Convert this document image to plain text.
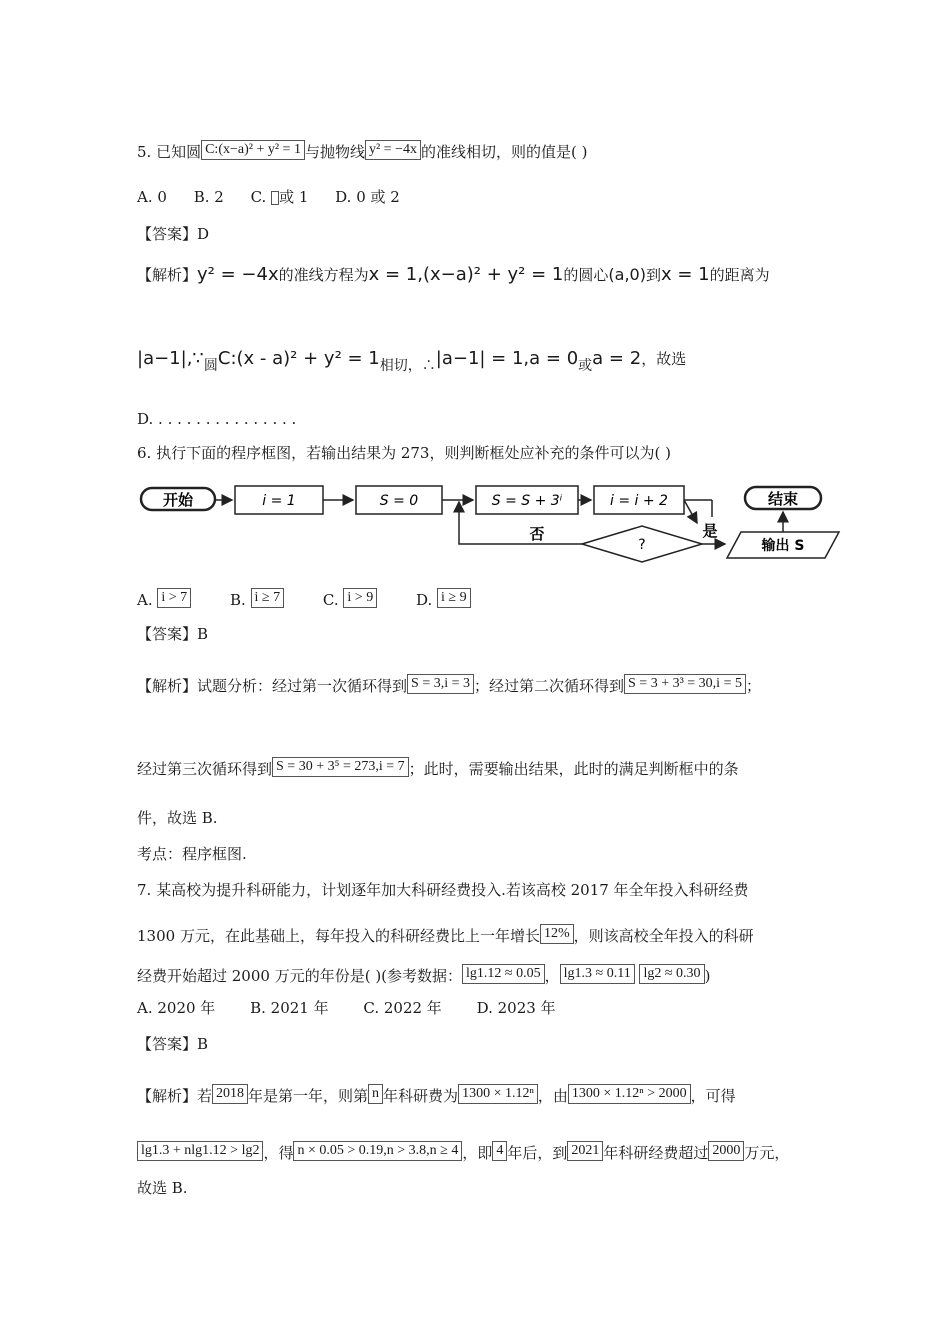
5. 已知圆 C:(x−a)² + y² = 1 与抛物线 y² = −4x 的准线相切，则的值是( )
A. 0 B. 2 C. 或 1 D. 0 或 2
【答案】D
【解析】y² = −4x的准线方程为x = 1,(x−a)² + y² = 1的圆心(a,0)到x = 1的距离为
|a−1|,∵圆C:(x - a)² + y² = 1相切，∴|a−1| = 1,a = 0或a = 2，故选
D. . . . . . . . . . . . . . . .
6. 执行下面的程序框图，若输出结果为 273，则判断框处应补充的条件可以为( )
开始	i = 1	S = 0	S = S + 3ⁱ	i = i + 2
?
否	是
输出 S
结束
A. i > 7	B. i ≥ 7	C. i > 9	D. i ≥ 9
【答案】B
【解析】试题分析：经过第一次循环得到 S = 3,i = 3 ；经过第二次循环得到 S = 3 + 3³ = 30,i = 5 ；
经过第三次循环得到 S = 30 + 3⁵ = 273,i = 7 ；此时，需要输出结果，此时的满足判断框中的条
件，故选 B.
考点：程序框图.
7. 某高校为提升科研能力，计划逐年加大科研经费投入.若该高校 2017 年全年投入科研经费
1300 万元，在此基础上，每年投入的科研经费比上一年增长 12% ，则该高校全年投入的科研
经费开始超过 2000 万元的年份是( )(参考数据： lg1.12 ≈ 0.05 ， lg1.3 ≈ 0.11 lg2 ≈ 0.30 )
A. 2020 年 B. 2021 年 C. 2022 年 D. 2023 年
【答案】B
【解析】若 2018 年是第一年，则第 n 年科研费为 1300 × 1.12ⁿ ，由 1300 × 1.12ⁿ > 2000 ，可得
lg1.3 + nlg1.12 > lg2 ，得 n × 0.05 > 0.19,n > 3.8,n ≥ 4 ，即 4 年后，到 2021 年科研经费超过 2000 万元，
故选 B.
